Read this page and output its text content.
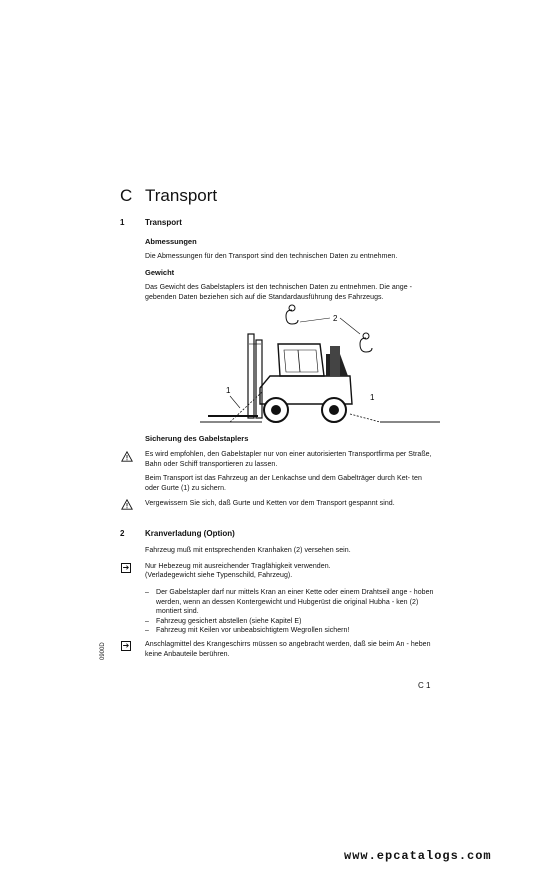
C Transport
1	Transport
Abmessungen
Die Abmessungen für den Transport sind den technischen Daten zu entnehmen.
Gewicht
Das Gewicht des Gabelstaplers ist den technischen Daten zu entnehmen. Die ange - gebenden Daten beziehen sich auf die Standardausführung des Fahrzeugs.
2
1
1
Sicherung des Gabelstaplers
Es wird empfohlen, den Gabelstapler nur von einer autorisierten Transportfirma per Straße, Bahn oder Schiff transportieren zu lassen.
Beim Transport ist das Fahrzeug an der Lenkachse und dem Gabelträger durch Ket- ten oder Gurte (1) zu sichern.
Vergewissern Sie sich, daß Gurte und Ketten vor dem Transport gespannt sind.
2	Kranverladung (Option)
Fahrzeug muß mit entsprechenden Kranhaken (2) versehen sein.
➔ Nur Hebezeug mit ausreichender Tragfähigkeit verwenden.
(Verladegewicht siehe Typenschild, Fahrzeug).
– Der Gabelstapler darf nur mittels Kran an einer Kette oder einem Drahtseil ange - hoben werden, wenn an dessen Kontergewicht und Hubgerüst die original Hubha - ken (2) montiert sind.
– Fahrzeug gesichert abstellen (siehe Kapitel E)
– Fahrzeug mit Keilen vor unbeabsichtigtem Wegrollen sichern!
➔ Anschlagmittel des Krangeschirrs müssen so angebracht werden, daß sie beim An - heben keine Anbauteile berühren.
0900D
C 1
www.epcatalogs.com
